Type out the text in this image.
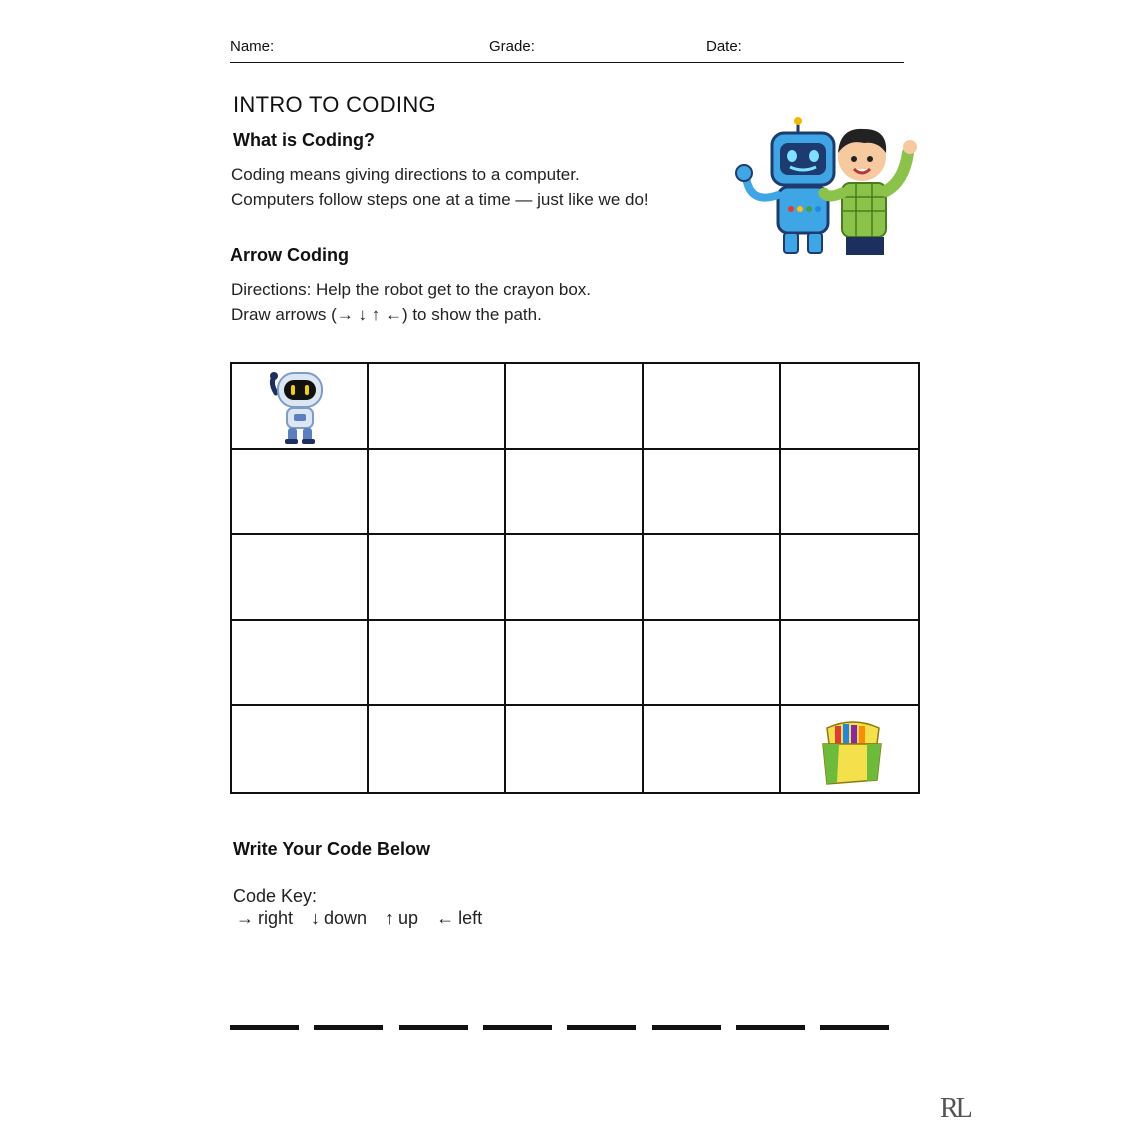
Name:	Grade:	Date:
INTRO TO CODING
What is Coding?
Coding means giving directions to a computer.
Computers follow steps one at a time — just like we do!
Arrow Coding
Directions: Help the robot get to the crayon box.
Draw arrows (→ ↓ ↑ ←) to show the path.
Write Your Code Below
Code Key:
→ right ↓ down ↑ up ← left
RL
